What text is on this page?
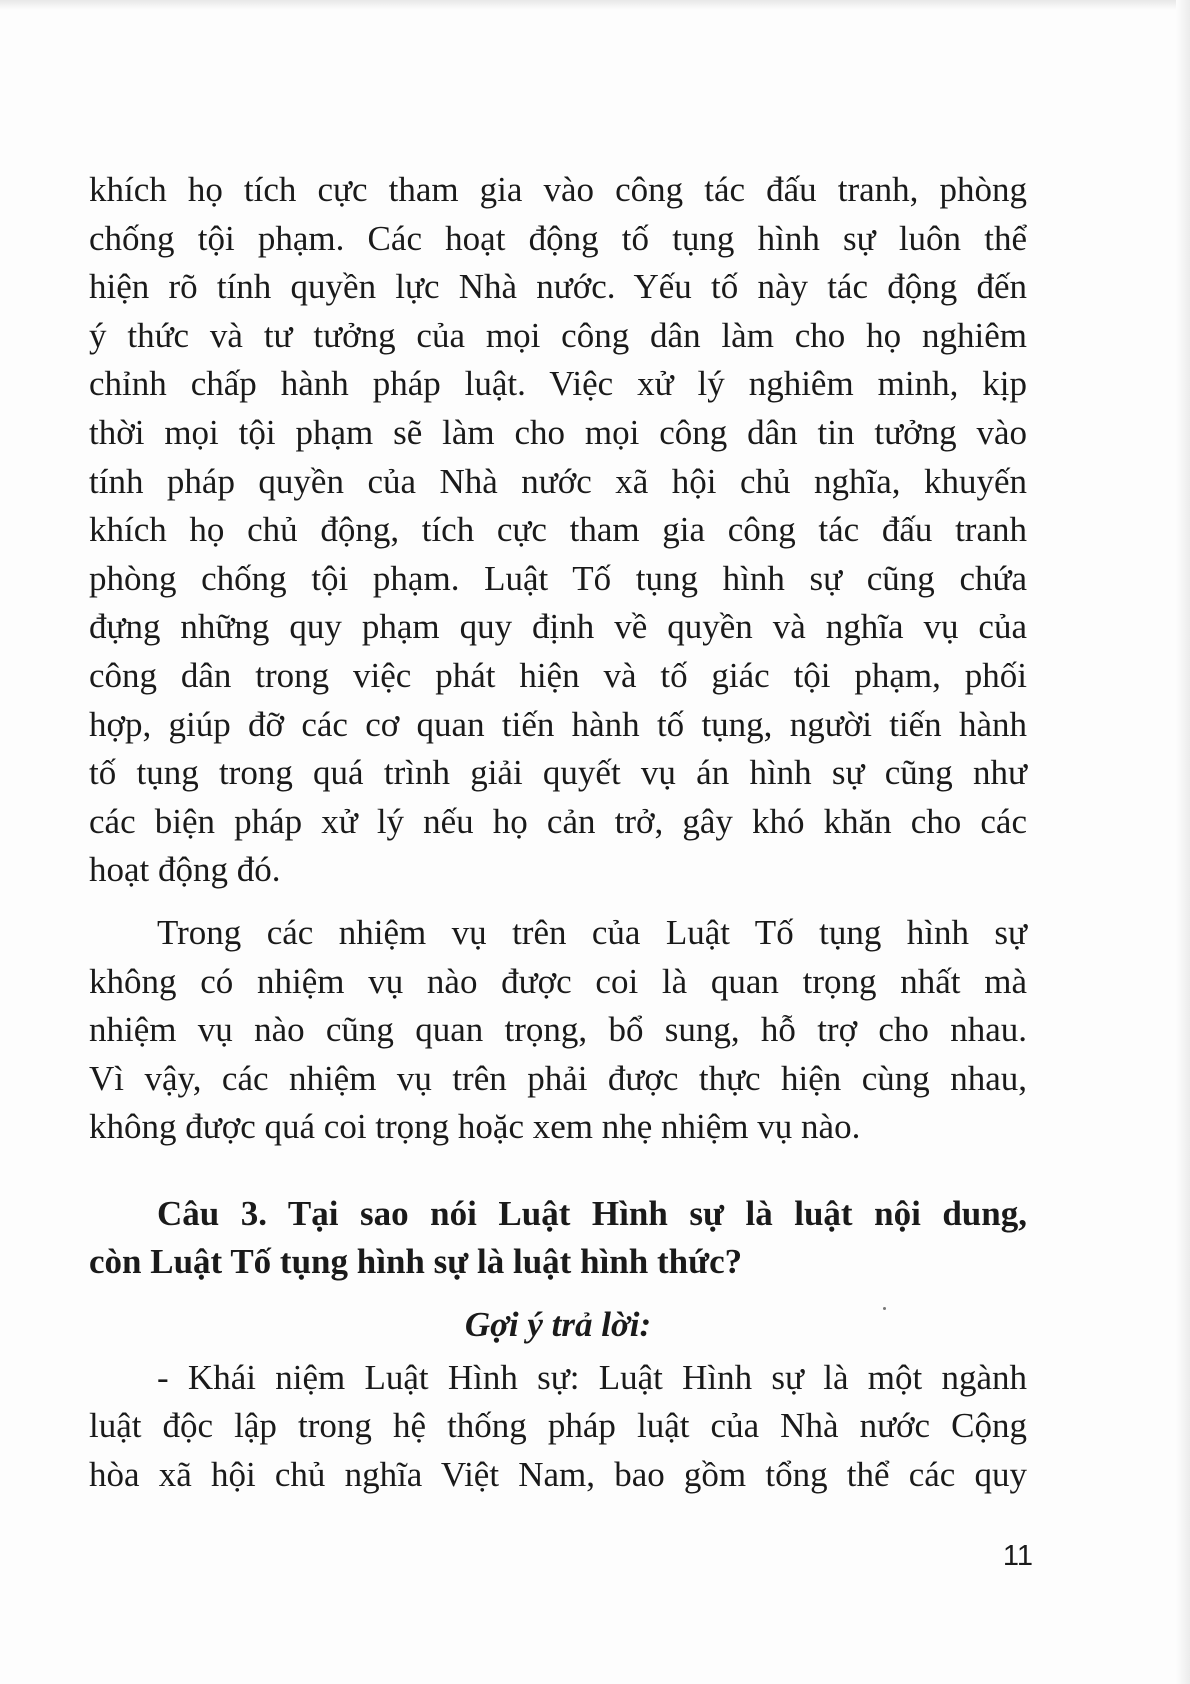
khích họ tích cực tham gia vào công tác đấu tranh, phòng
chống tội phạm. Các hoạt động tố tụng hình sự luôn thể
hiện rõ tính quyền lực Nhà nước. Yếu tố này tác động đến
ý thức và tư tưởng của mọi công dân làm cho họ nghiêm
chỉnh chấp hành pháp luật. Việc xử lý nghiêm minh, kịp
thời mọi tội phạm sẽ làm cho mọi công dân tin tưởng vào
tính pháp quyền của Nhà nước xã hội chủ nghĩa, khuyến
khích họ chủ động, tích cực tham gia công tác đấu tranh
phòng chống tội phạm. Luật Tố tụng hình sự cũng chứa
đựng những quy phạm quy định về quyền và nghĩa vụ của
công dân trong việc phát hiện và tố giác tội phạm, phối
hợp, giúp đỡ các cơ quan tiến hành tố tụng, người tiến hành
tố tụng trong quá trình giải quyết vụ án hình sự cũng như
các biện pháp xử lý nếu họ cản trở, gây khó khăn cho các
hoạt động đó.

Trong các nhiệm vụ trên của Luật Tố tụng hình sự
không có nhiệm vụ nào được coi là quan trọng nhất mà
nhiệm vụ nào cũng quan trọng, bổ sung, hỗ trợ cho nhau.
Vì vậy, các nhiệm vụ trên phải được thực hiện cùng nhau,
không được quá coi trọng hoặc xem nhẹ nhiệm vụ nào.

Câu 3. Tại sao nói Luật Hình sự là luật nội dung,
còn Luật Tố tụng hình sự là luật hình thức?

Gợi ý trả lời:

- Khái niệm Luật Hình sự: Luật Hình sự là một ngành
luật độc lập trong hệ thống pháp luật của Nhà nước Cộng
hòa xã hội chủ nghĩa Việt Nam, bao gồm tổng thể các quy

11
